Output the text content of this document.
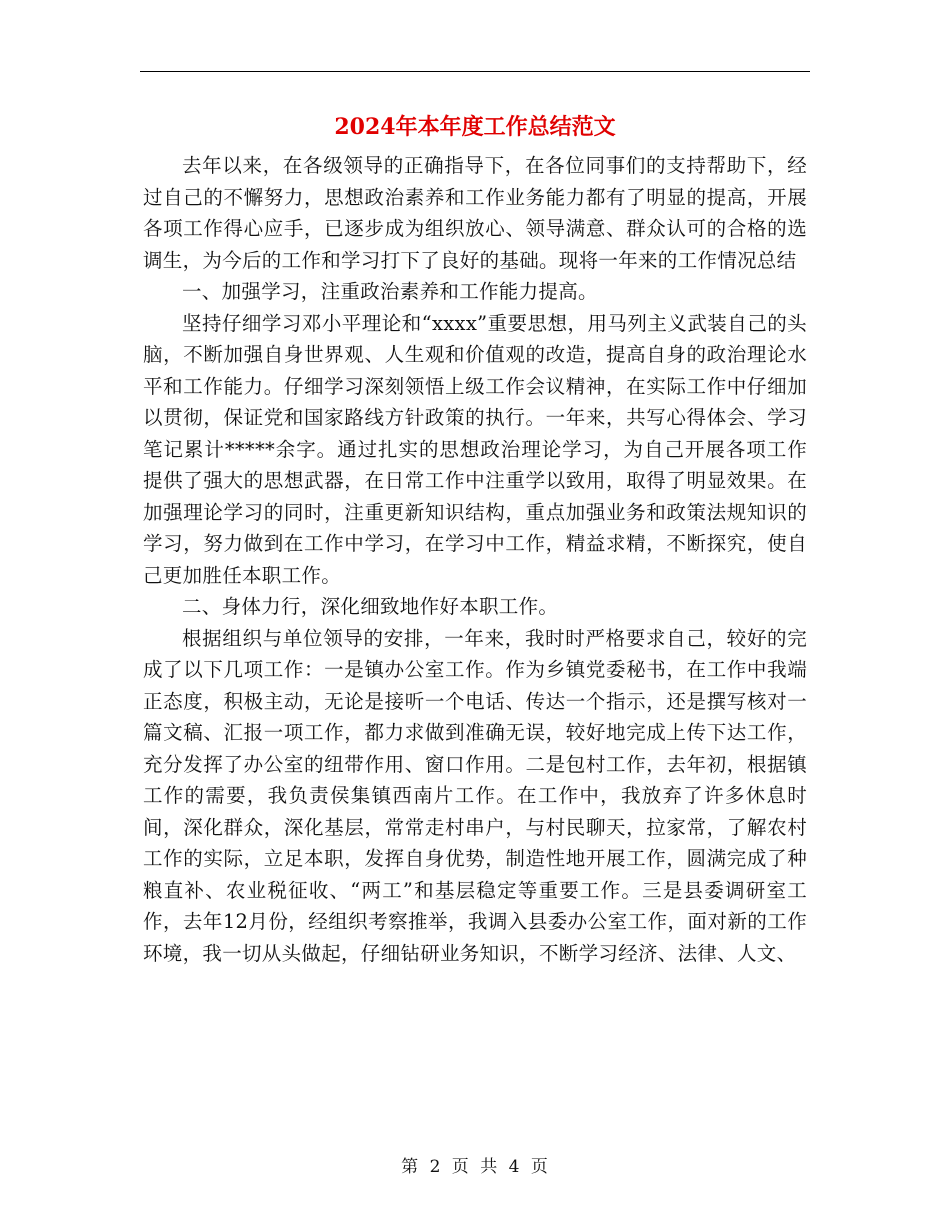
2024年本年度工作总结范文

去年以来，在各级领导的正确指导下，在各位同事们的支持帮助下，经过自己的不懈努力，思想政治素养和工作业务能力都有了明显的提高，开展各项工作得心应手，已逐步成为组织放心、领导满意、群众认可的合格的选调生，为今后的工作和学习打下了良好的基础。现将一年来的工作情况总结

一、加强学习，注重政治素养和工作能力提高。

坚持仔细学习邓小平理论和“xxxx”重要思想，用马列主义武装自己的头脑，不断加强自身世界观、人生观和价值观的改造，提高自身的政治理论水平和工作能力。仔细学习深刻领悟上级工作会议精神，在实际工作中仔细加以贯彻，保证党和国家路线方针政策的执行。一年来，共写心得体会、学习笔记累计*****余字。通过扎实的思想政治理论学习，为自己开展各项工作提供了强大的思想武器，在日常工作中注重学以致用，取得了明显效果。在加强理论学习的同时，注重更新知识结构，重点加强业务和政策法规知识的学习，努力做到在工作中学习，在学习中工作，精益求精，不断探究，使自己更加胜任本职工作。

二、身体力行，深化细致地作好本职工作。

根据组织与单位领导的安排，一年来，我时时严格要求自己，较好的完成了以下几项工作：一是镇办公室工作。作为乡镇党委秘书，在工作中我端正态度，积极主动，无论是接听一个电话、传达一个指示，还是撰写核对一篇文稿、汇报一项工作，都力求做到准确无误，较好地完成上传下达工作，充分发挥了办公室的纽带作用、窗口作用。二是包村工作，去年初，根据镇工作的需要，我负责侯集镇西南片工作。在工作中，我放弃了许多休息时间，深化群众，深化基层，常常走村串户，与村民聊天，拉家常，了解农村工作的实际，立足本职，发挥自身优势，制造性地开展工作，圆满完成了种粮直补、农业税征收、“两工”和基层稳定等重要工作。三是县委调研室工作，去年12月份，经组织考察推举，我调入县委办公室工作，面对新的工作环境，我一切从头做起，仔细钻研业务知识，不断学习经济、法律、人文、

第 2 页 共 4 页
